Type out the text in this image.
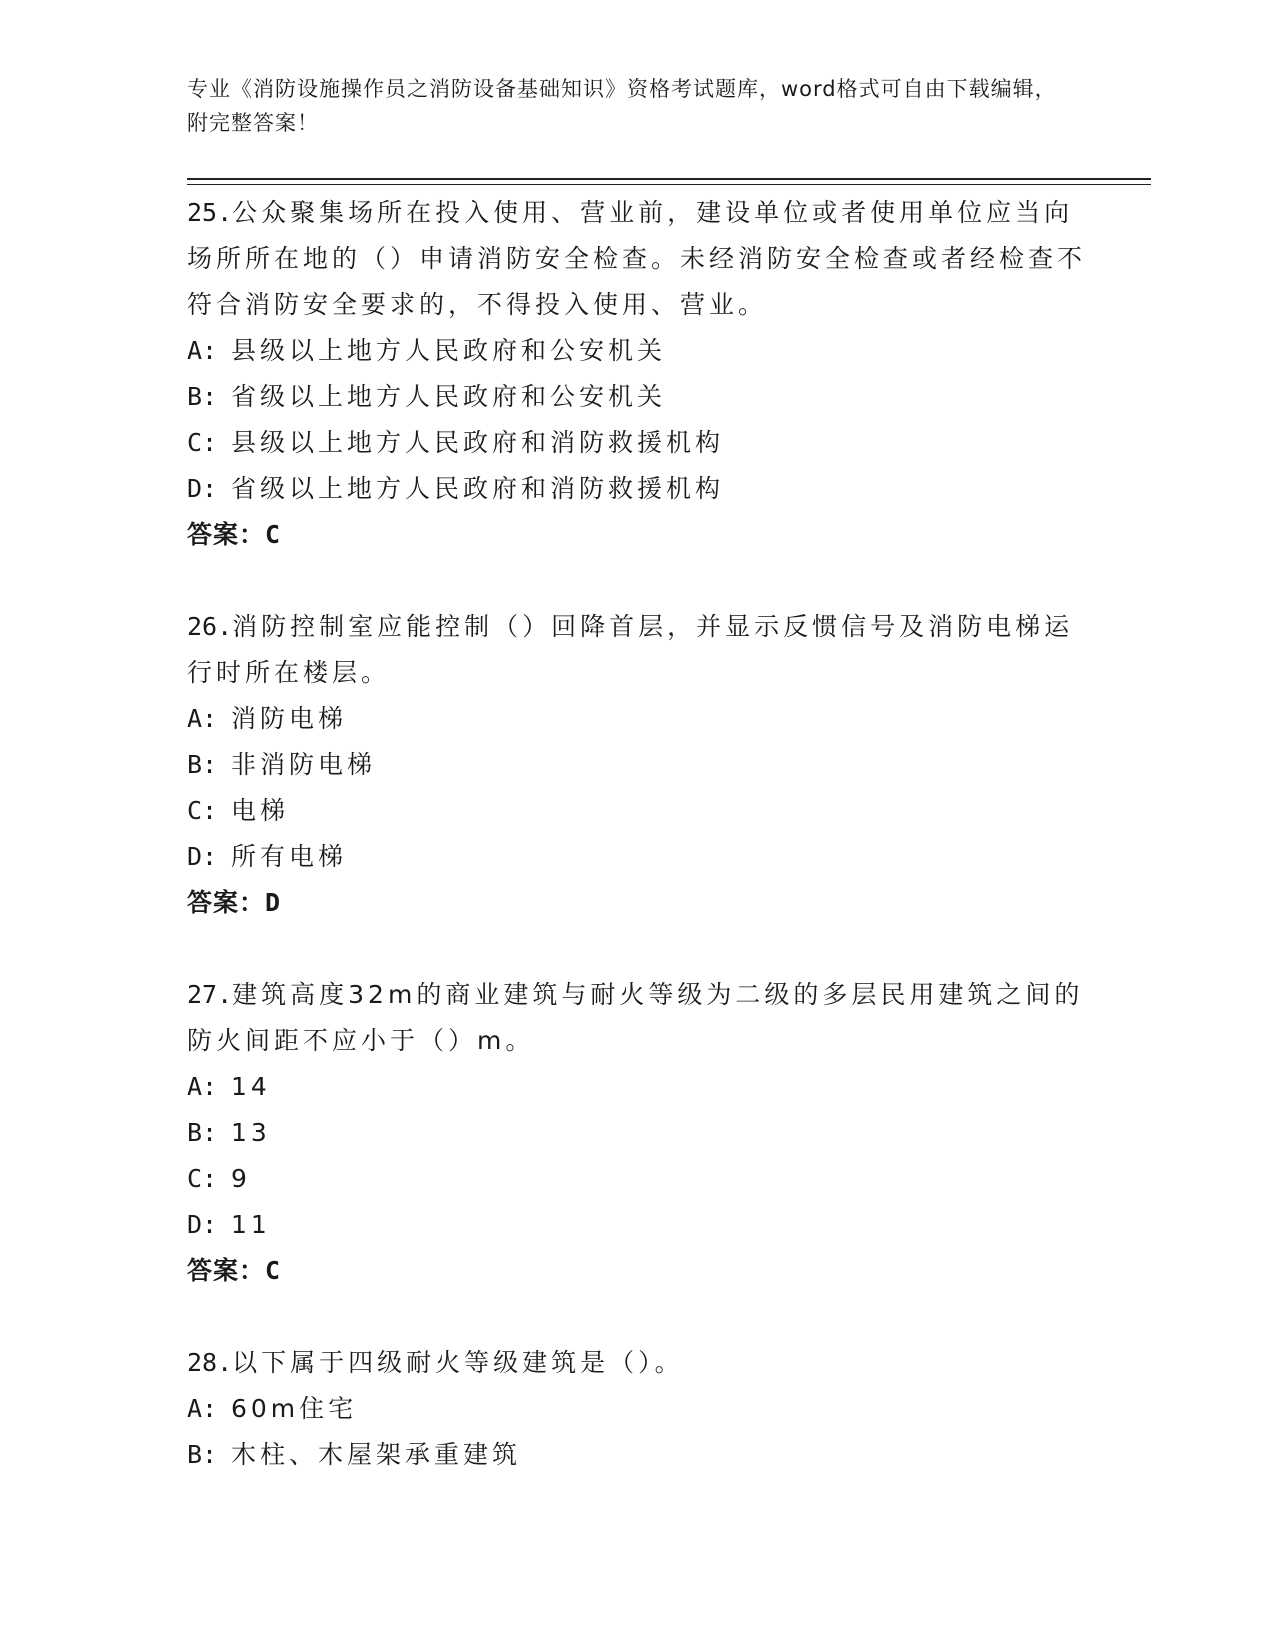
专业《消防设施操作员之消防设备基础知识》资格考试题库，word格式可自由下载编辑，附完整答案！
25.公众聚集场所在投入使用、营业前，建设单位或者使用单位应当向场所所在地的（）申请消防安全检查。未经消防安全检查或者经检查不符合消防安全要求的，不得投入使用、营业。
A: 县级以上地方人民政府和公安机关
B: 省级以上地方人民政府和公安机关
C: 县级以上地方人民政府和消防救援机构
D: 省级以上地方人民政府和消防救援机构
答案：C
26.消防控制室应能控制（）回降首层，并显示反惯信号及消防电梯运行时所在楼层。
A: 消防电梯
B: 非消防电梯
C: 电梯
D: 所有电梯
答案：D
27.建筑高度32m的商业建筑与耐火等级为二级的多层民用建筑之间的防火间距不应小于（）m。
A: 14
B: 13
C: 9
D: 11
答案：C
28.以下属于四级耐火等级建筑是（）。
A: 60m住宅
B: 木柱、木屋架承重建筑
